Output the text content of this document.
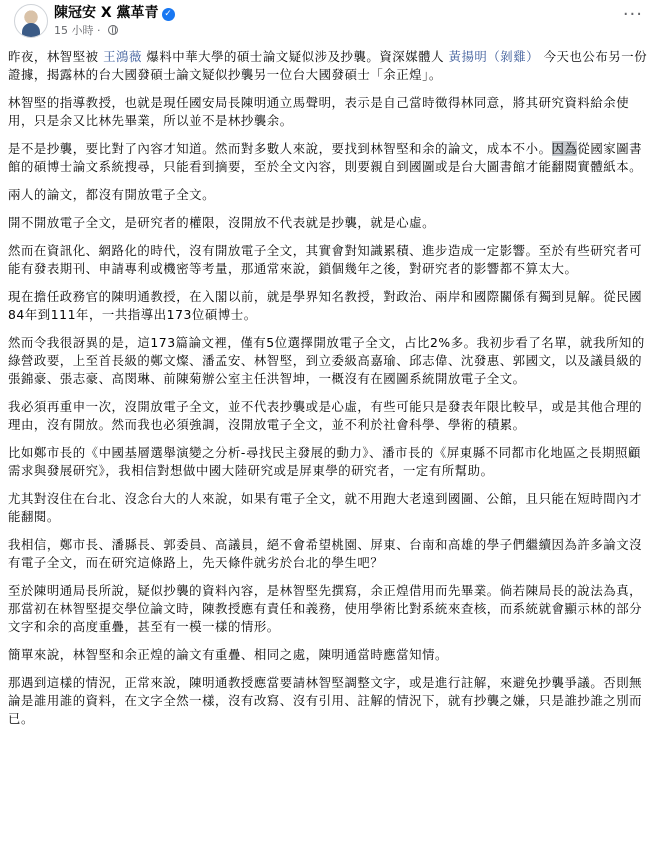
陳冠安 X 黨革青 ✓
15 小時 ·
···

昨夜，林智堅被 王鴻薇 爆料中華大學的碩士論文疑似涉及抄襲。資深媒體人 黃揚明（剝雞） 今天也公布另一份證據，揭露林的台大國發碩士論文疑似抄襲另一位台大國發碩士「余正煌」。

林智堅的指導教授，也就是現任國安局長陳明通立馬聲明，表示是自己當時徵得林同意，將其研究資料給余使用，只是余又比林先畢業，所以並不是林抄襲余。

是不是抄襲，要比對了內容才知道。然而對多數人來說，要找到林智堅和余的論文，成本不小。因為從國家圖書館的碩博士論文系統搜尋，只能看到摘要，至於全文內容，則要親自到國圖或是台大圖書館才能翻閱實體紙本。

兩人的論文，都沒有開放電子全文。

開不開放電子全文，是研究者的權限，沒開放不代表就是抄襲，就是心虛。

然而在資訊化、網路化的時代，沒有開放電子全文，其實會對知識累積、進步造成一定影響。至於有些研究者可能有發表期刊、申請專利或機密等考量，那通常來說，鎖個幾年之後，對研究者的影響都不算太大。

現在擔任政務官的陳明通教授，在入閣以前，就是學界知名教授，對政治、兩岸和國際關係有獨到見解。從民國84年到111年，一共指導出173位碩博士。

然而令我很訝異的是，這173篇論文裡，僅有5位選擇開放電子全文，占比2%多。我初步看了名單，就我所知的綠營政要，上至首長級的鄭文燦、潘孟安、林智堅，到立委級高嘉瑜、邱志偉、沈發惠、郭國文，以及議員級的張錦豪、張志豪、高閔琳、前陳菊辦公室主任洪智坤，一概沒有在國圖系統開放電子全文。

我必須再重申一次，沒開放電子全文，並不代表抄襲或是心虛，有些可能只是發表年限比較早，或是其他合理的理由，沒有開放。然而我也必須強調，沒開放電子全文，並不利於社會科學、學術的積累。

比如鄭市長的《中國基層選舉演變之分析-尋找民主發展的動力》、潘市長的《屏東縣不同都市化地區之長期照顧需求與發展研究》，我相信對想做中國大陸研究或是屏東學的研究者，一定有所幫助。

尤其對沒住在台北、沒念台大的人來說，如果有電子全文，就不用跑大老遠到國圖、公館，且只能在短時間內才能翻閱。

我相信，鄭市長、潘縣長、郭委員、高議員，絕不會希望桃園、屏東、台南和高雄的學子們繼續因為許多論文沒有電子全文，而在研究這條路上，先天條件就劣於台北的學生吧？

至於陳明通局長所說，疑似抄襲的資料內容，是林智堅先撰寫，余正煌借用而先畢業。倘若陳局長的說法為真，那當初在林智堅提交學位論文時，陳教授應有責任和義務，使用學術比對系統來查核，而系統就會顯示林的部分文字和余的高度重疊，甚至有一模一樣的情形。

簡單來說，林智堅和余正煌的論文有重疊、相同之處，陳明通當時應當知情。

那遇到這樣的情況，正常來說，陳明通教授應當要請林智堅調整文字，或是進行註解，來避免抄襲爭議。否則無論是誰用誰的資料，在文字全然一樣，沒有改寫、沒有引用、註解的情況下，就有抄襲之嫌，只是誰抄誰之別而已。
